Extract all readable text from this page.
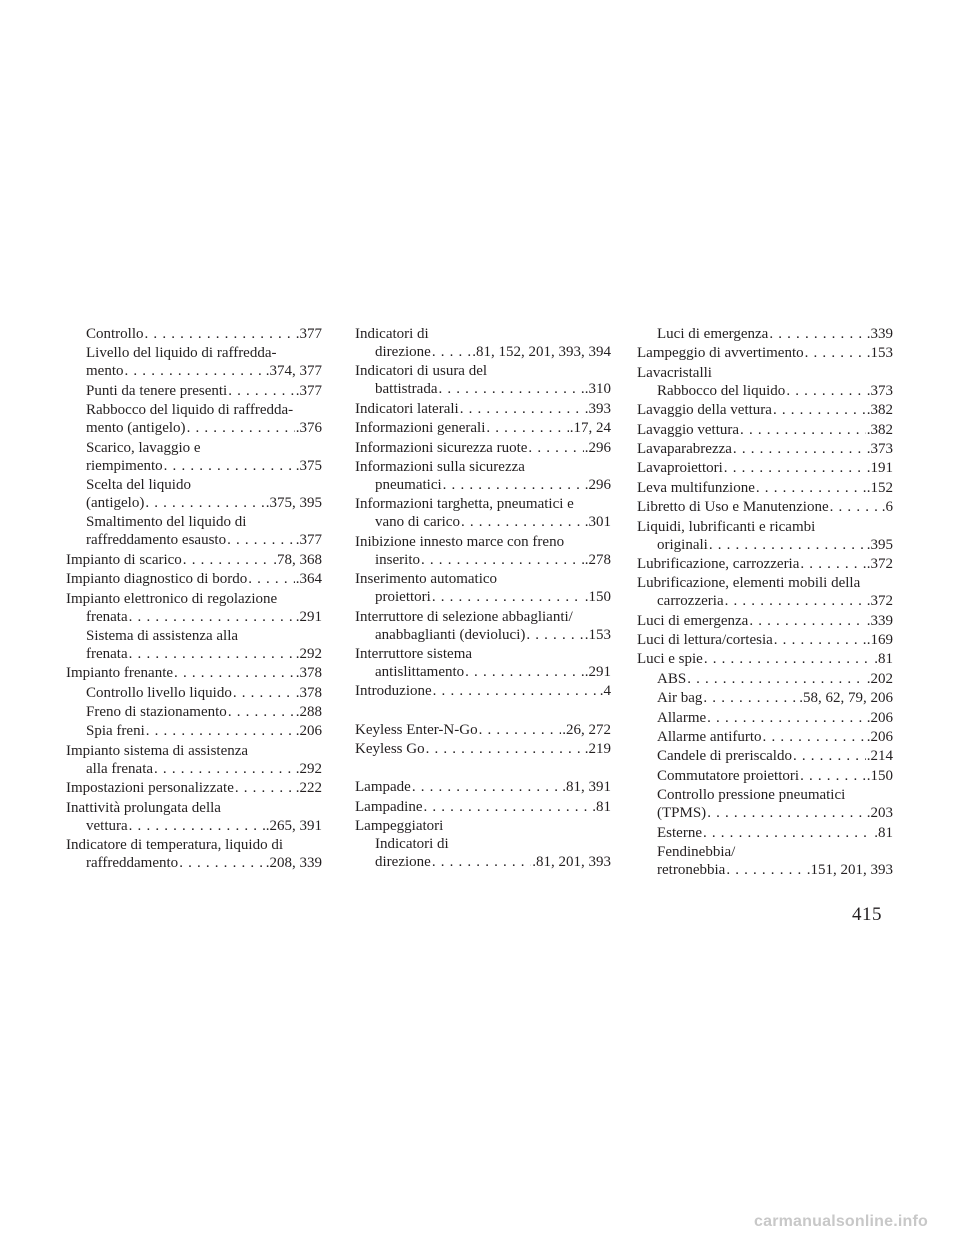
Controllo . . .	.377
Livello del liquido di raffredda-
mento . . .	.374, 377
Punti da tenere presenti . . .	.377
Rabbocco del liquido di raffredda-
mento (antigelo) . . .	.376
Scarico, lavaggio e
riempimento . . .	.375
Scelta del liquido
(antigelo) . . .	.375, 395
Smaltimento del liquido di
raffreddamento esausto . . .	.377
Impianto di scarico . . .	.78, 368
Impianto diagnostico di bordo . . .	.364
Impianto elettronico di regolazione
frenata . . .	.291
Sistema di assistenza alla
frenata . . .	.292
Impianto frenante . . .	.378
Controllo livello liquido . . .	.378
Freno di stazionamento . . .	.288
Spia freni . . .	.206
Impianto sistema di assistenza
alla frenata . . .	.292
Impostazioni personalizzate . . .	.222
Inattività prolungata della
vettura . . .	.265, 391
Indicatore di temperatura, liquido di
raffreddamento . . .	.208, 339
Indicatori di
direzione . . .	.81, 152, 201, 393, 394
Indicatori di usura del
battistrada . . .	.310
Indicatori laterali . . .	.393
Informazioni generali . . .	.17, 24
Informazioni sicurezza ruote . . .	.296
Informazioni sulla sicurezza
pneumatici . . .	.296
Informazioni targhetta, pneumatici e
vano di carico . . .	.301
Inibizione innesto marce con freno
inserito . . .	.278
Inserimento automatico
proiettori . . .	.150
Interruttore di selezione abbaglianti/
anabbaglianti (devioluci) . . .	.153
Interruttore sistema
antislittamento . . .	.291
Introduzione . . .	.4
Keyless Enter-N-Go . . .	.26, 272
Keyless Go . . .	.219
Lampade . . .	.81, 391
Lampadine . . .	.81
Lampeggiatori
Indicatori di
direzione . . .	.81, 201, 393
Luci di emergenza . . .	.339
Lampeggio di avvertimento . . .	.153
Lavacristalli
Rabbocco del liquido . . .	.373
Lavaggio della vettura . . .	.382
Lavaggio vettura . . .	.382
Lavaparabrezza . . .	.373
Lavaproiettori . . .	.191
Leva multifunzione . . .	.152
Libretto di Uso e Manutenzione . . .	.6
Liquidi, lubrificanti e ricambi
originali . . .	.395
Lubrificazione, carrozzeria . . .	.372
Lubrificazione, elementi mobili della
carrozzeria . . .	.372
Luci di emergenza . . .	.339
Luci di lettura/cortesia . . .	.169
Luci e spie . . .	.81
ABS . . .	.202
Air bag . . .	.58, 62, 79, 206
Allarme . . .	.206
Allarme antifurto . . .	.206
Candele di preriscaldo . . .	.214
Commutatore proiettori . . .	.150
Controllo pressione pneumatici
(TPMS) . . .	.203
Esterne . . .	.81
Fendinebbia/
retronebbia . . .	.151, 201, 393
415
carmanualsonline.info
